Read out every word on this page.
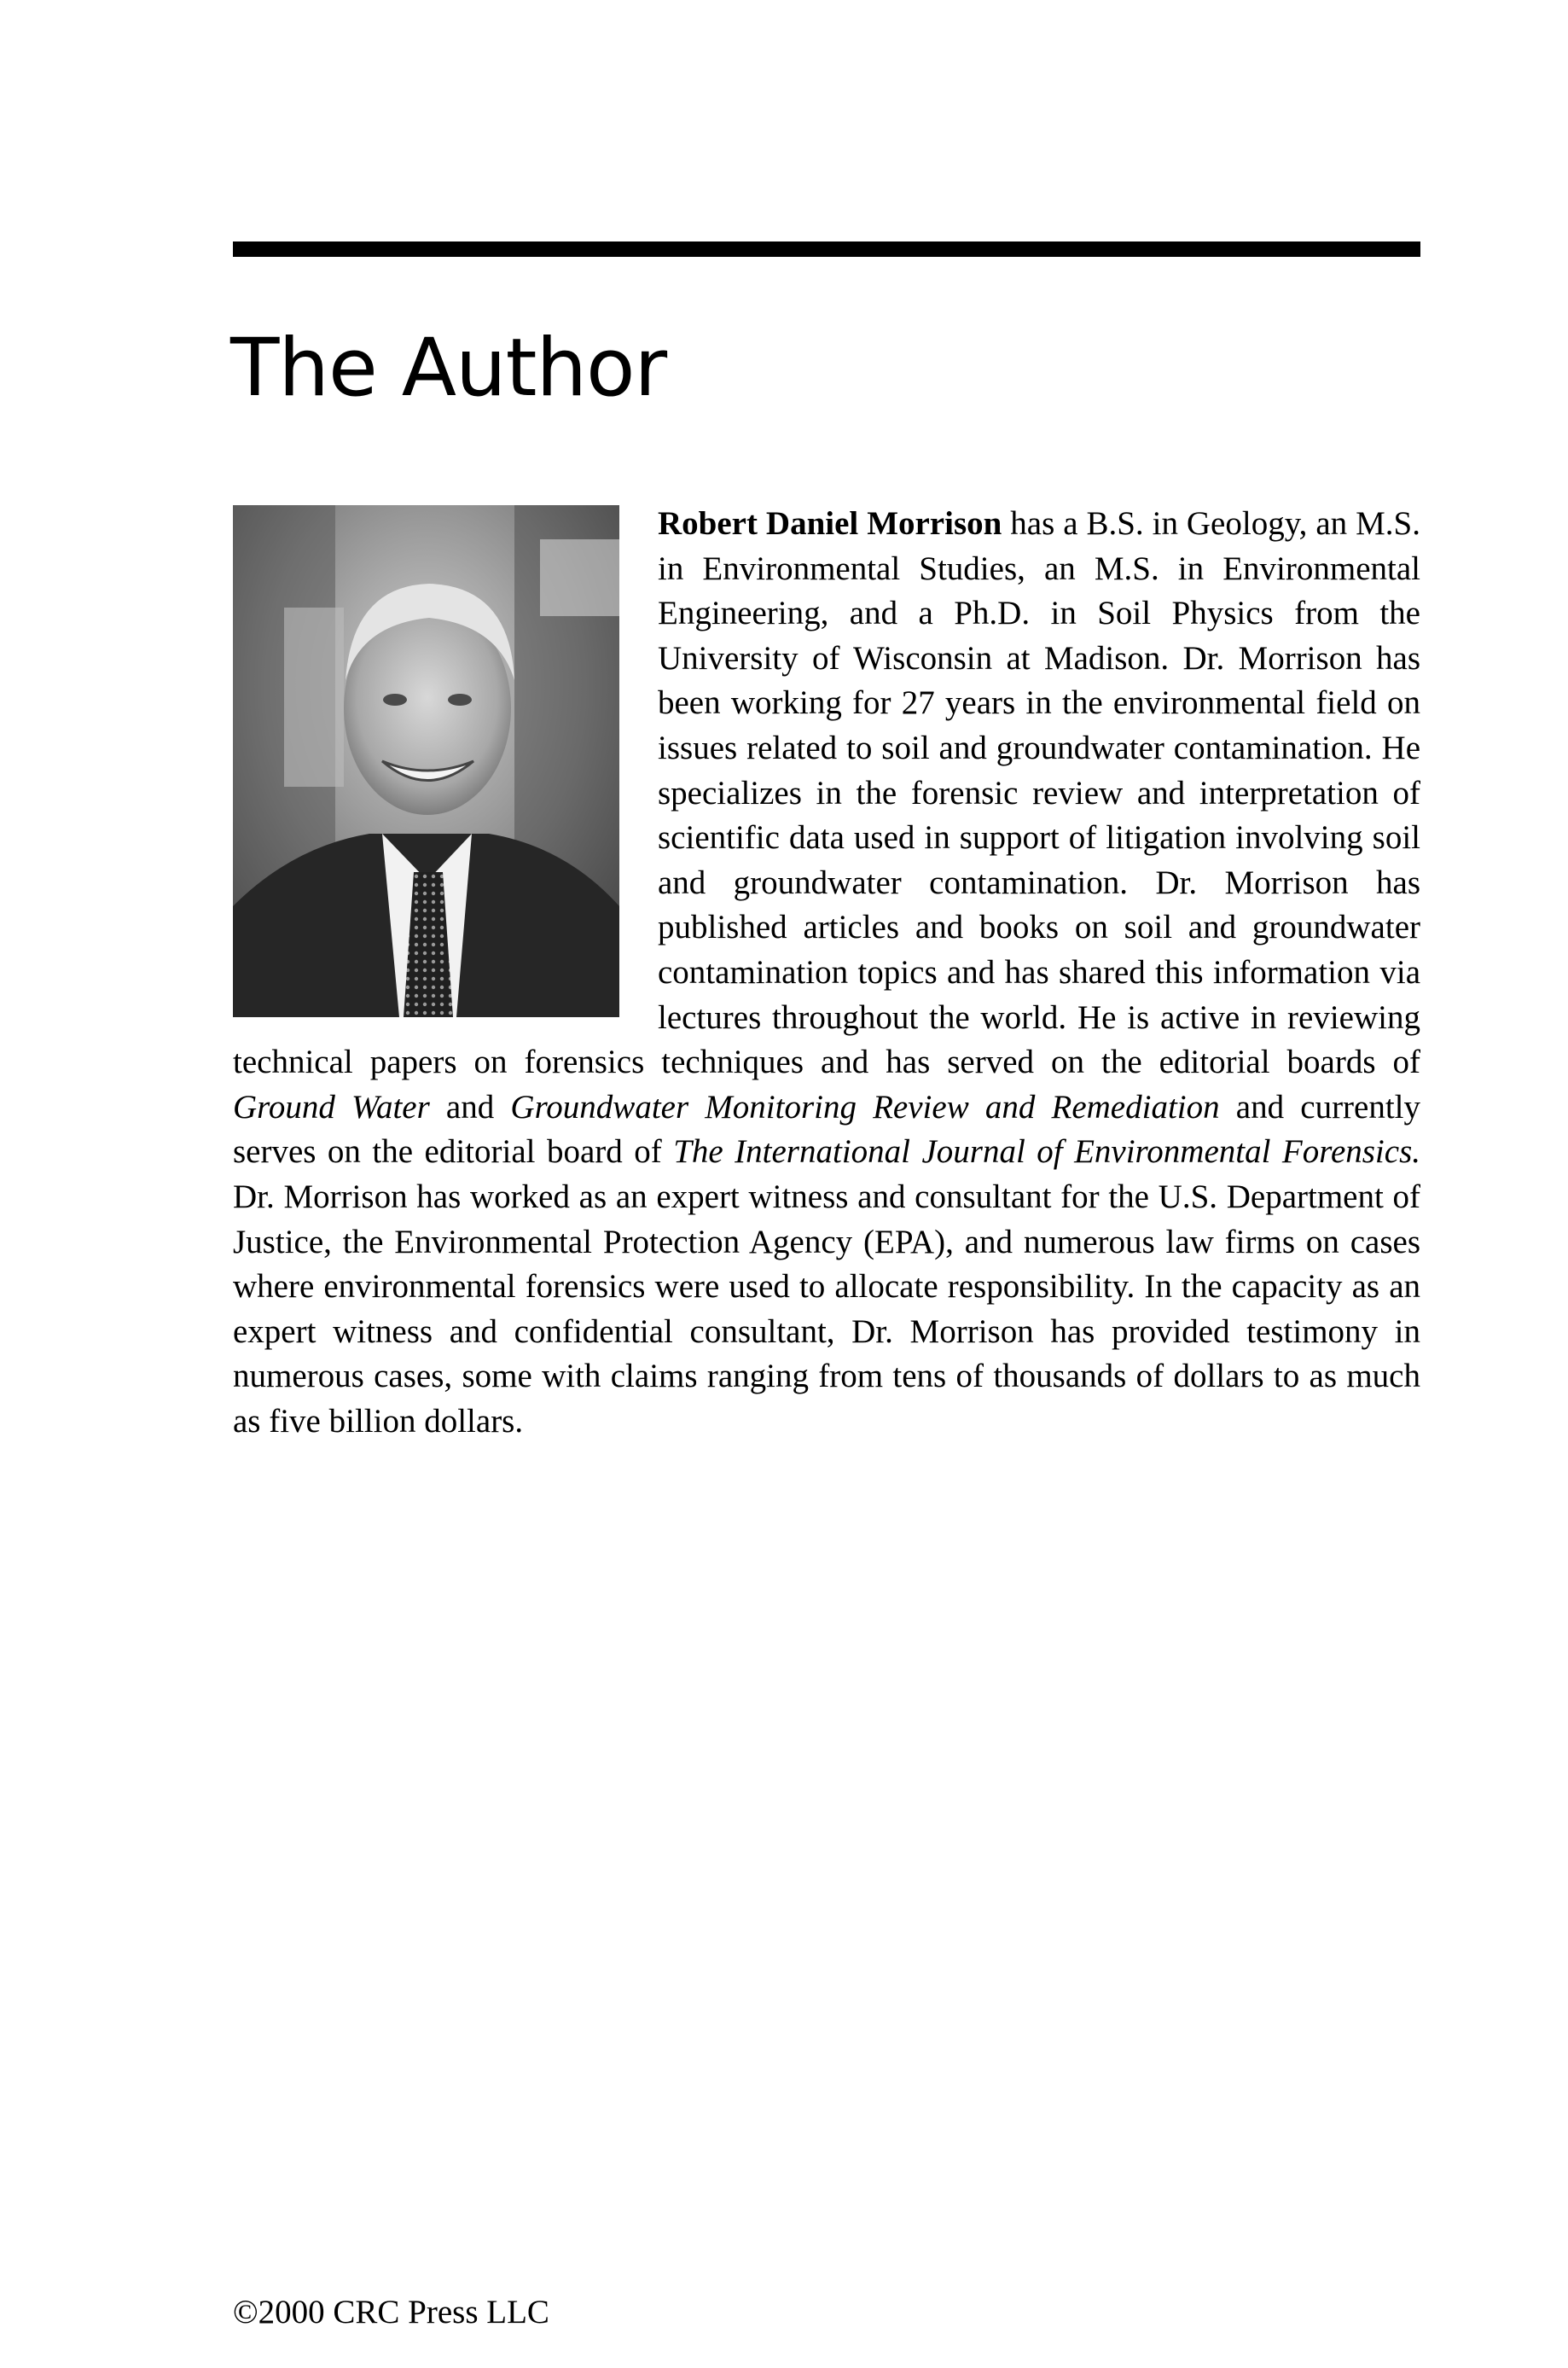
The Author
Robert Daniel Morrison has a B.S. in Geology, an M.S. in Environmental Studies, an M.S. in Environmental Engineering, and a Ph.D. in Soil Physics from the University of Wisconsin at Madison. Dr. Morrison has been working for 27 years in the environmental field on issues related to soil and groundwater contamination. He specializes in the forensic review and interpretation of scientific data used in support of litigation involving soil and groundwater contamination. Dr. Morrison has published articles and books on soil and groundwater contamination topics and has shared this information via lectures throughout the world. He is active in reviewing technical papers on forensics techniques and has served on the editorial boards of Ground Water and Groundwater Monitoring Review and Remediation and currently serves on the editorial board of The International Journal of Environmental Forensics. Dr. Morrison has worked as an expert witness and consultant for the U.S. Department of Justice, the Environmental Protection Agency (EPA), and numerous law firms on cases where environmental forensics were used to allocate responsibility. In the capacity as an expert witness and confidential consultant, Dr. Morrison has provided testimony in numerous cases, some with claims ranging from tens of thousands of dollars to as much as five billion dollars.

©2000 CRC Press LLC
